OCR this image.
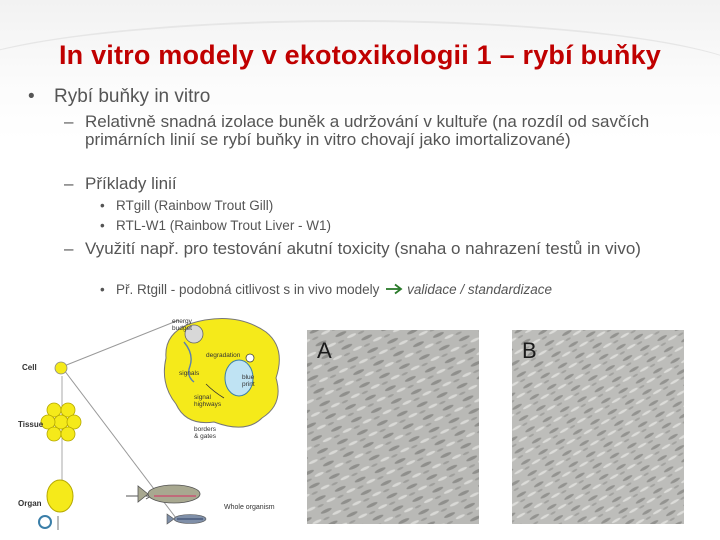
In vitro modely v ekotoxikologii 1 – rybí buňky
• Rybí buňky in vitro
– Relativně snadná izolace buněk a udržování v kultuře (na rozdíl od savčích primárních linií se rybí buňky in vitro chovají jako imortalizované)
– Příklady linií
• RTgill (Rainbow Trout Gill)
• RTL-W1 (Rainbow Trout Liver - W1)
– Využití např. pro testování akutní toxicity (snaha o nahrazení testů in vivo)
• Př. Rtgill - podobná citlivost s in vivo modely validace / standardizace
Cell
Tissue
Organ	Whole organism
energy
budget
degradation
signals
blue
print
signal
highways
borders
& gates
A	B
